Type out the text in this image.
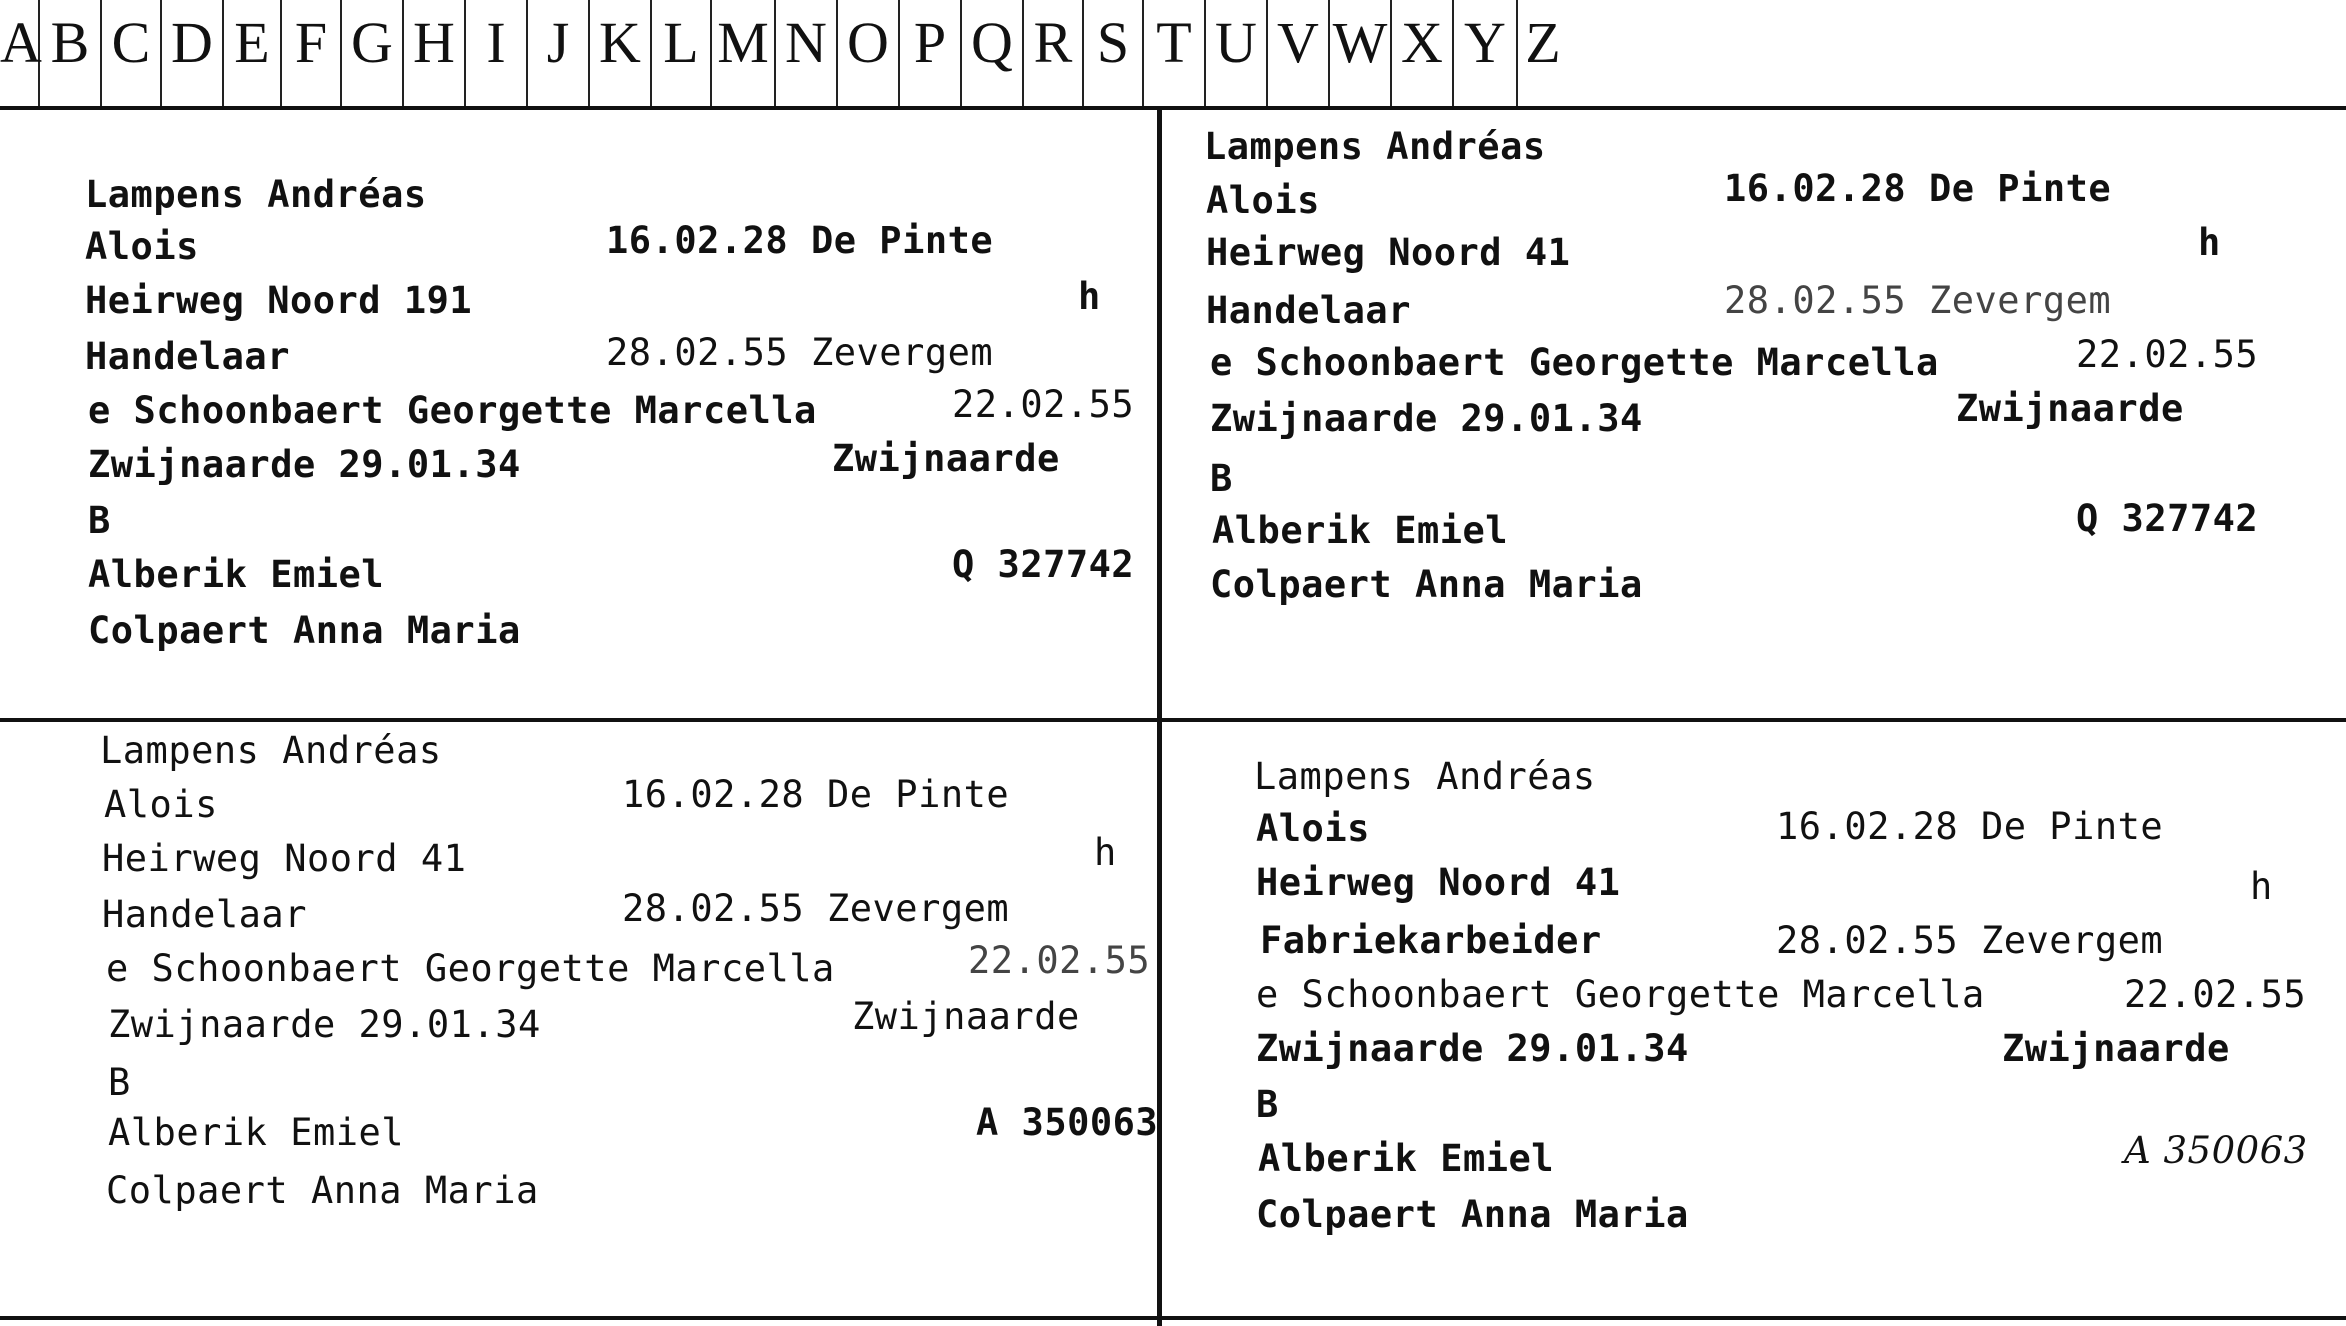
A B C D E F G H I J K L M N O P Q R S T U V W X Y Z
Lampens Andréas
Alois	16.02.28 De Pinte
Heirweg Noord 191	h
Handelaar	28.02.55 Zevergem
e Schoonbaert Georgette Marcella	22.02.55
Zwijnaarde 29.01.34	Zwijnaarde
B
Alberik Emiel	Q 327742
Colpaert Anna Maria
Lampens Andréas
Alois	16.02.28 De Pinte
Heirweg Noord 41	h
Handelaar	28.02.55 Zevergem
e Schoonbaert Georgette Marcella	22.02.55
Zwijnaarde 29.01.34	Zwijnaarde
B
Alberik Emiel	Q 327742
Colpaert Anna Maria
Lampens Andréas
Alois	16.02.28 De Pinte
Heirweg Noord 41	h
Handelaar	28.02.55 Zevergem
e Schoonbaert Georgette Marcella	22.02.55
Zwijnaarde 29.01.34	Zwijnaarde
B
Alberik Emiel	A 350063
Colpaert Anna Maria
Lampens Andréas
Alois	16.02.28 De Pinte
Heirweg Noord 41	h
Fabriekarbeider	28.02.55 Zevergem
e Schoonbaert Georgette Marcella	22.02.55
Zwijnaarde 29.01.34	Zwijnaarde
B
Alberik Emiel	A 350063
Colpaert Anna Maria
